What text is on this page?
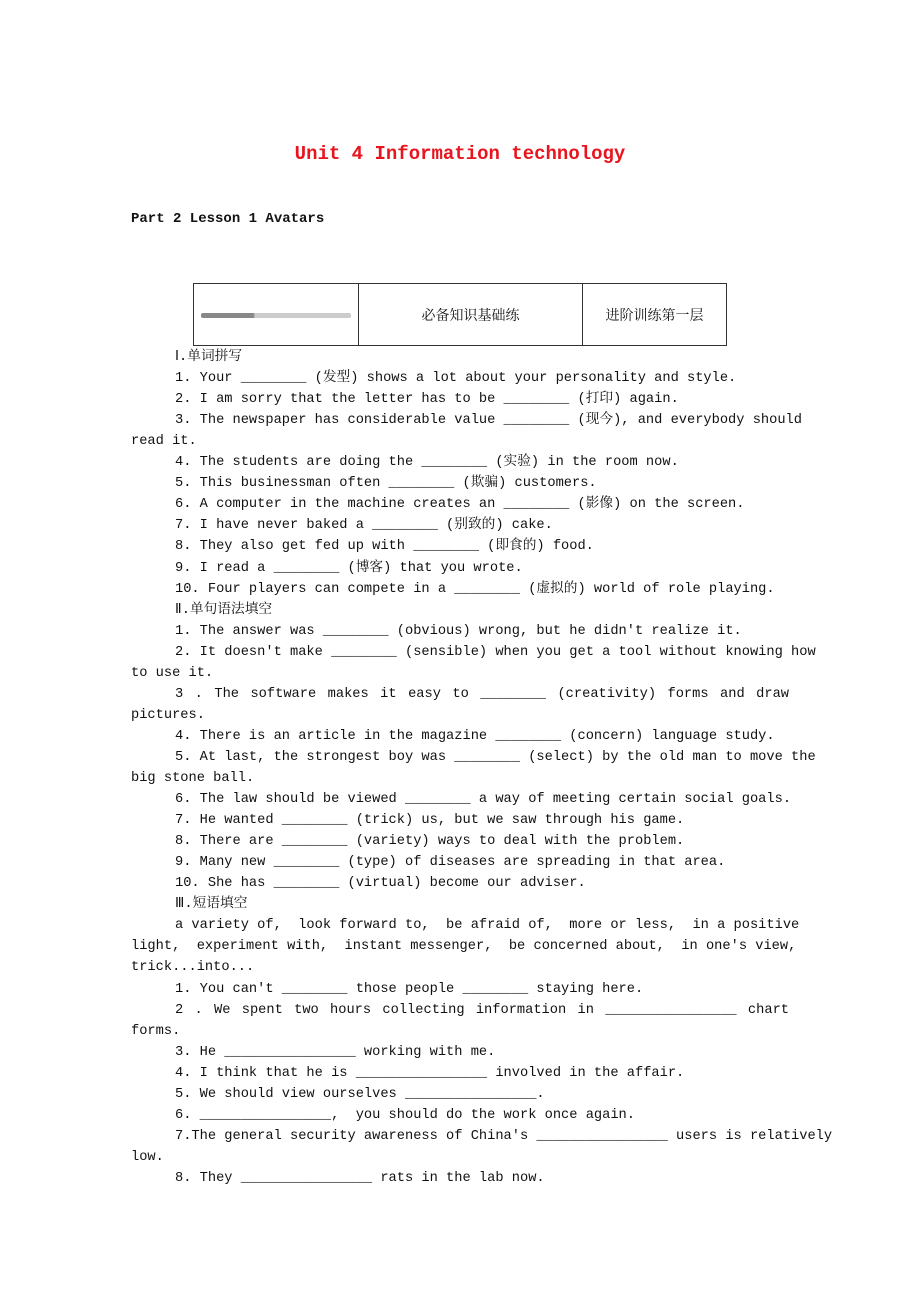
Unit 4 Information technology
Part 2 Lesson 1 Avatars
	必备知识基础练	进阶训练第一层
Ⅰ.单词拼写
1. Your ________ (发型) shows a lot about your personality and style.
2. I am sorry that the letter has to be ________ (打印) again.
3. The newspaper has considerable value ________ (现今), and everybody should
read it.
4. The students are doing the ________ (实验) in the room now.
5. This businessman often ________ (欺骗) customers.
6. A computer in the machine creates an ________ (影像) on the screen.
7. I have never baked a ________ (别致的) cake.
8. They also get fed up with ________ (即食的) food.
9. I read a ________ (博客) that you wrote.
10. Four players can compete in a ________ (虚拟的) world of role playing.
Ⅱ.单句语法填空
1. The answer was ________ (obvious) wrong, but he didn't realize it.
2. It doesn't make ________ (sensible) when you get a tool without knowing how
to use it.
3 . The software makes it easy to ________ (creativity) forms and draw
pictures.
4. There is an article in the magazine ________ (concern) language study.
5. At last, the strongest boy was ________ (select) by the old man to move the
big stone ball.
6. The law should be viewed ________ a way of meeting certain social goals.
7. He wanted ________ (trick) us, but we saw through his game.
8. There are ________ (variety) ways to deal with the problem.
9. Many new ________ (type) of diseases are spreading in that area.
10. She has ________ (virtual) become our adviser.
Ⅲ.短语填空
a variety of,  look forward to,  be afraid of,  more or less,  in a positive
light,  experiment with,  instant messenger,  be concerned about,  in one's view,
trick...into...
1. You can't ________ those people ________ staying here.
2 . We spent two hours collecting information in ________________ chart
forms.
3. He ________________ working with me.
4. I think that he is ________________ involved in the affair.
5. We should view ourselves ________________.
6. ________________,  you should do the work once again.
7.The general security awareness of China's ________________ users is relatively
low.
8. They ________________ rats in the lab now.
